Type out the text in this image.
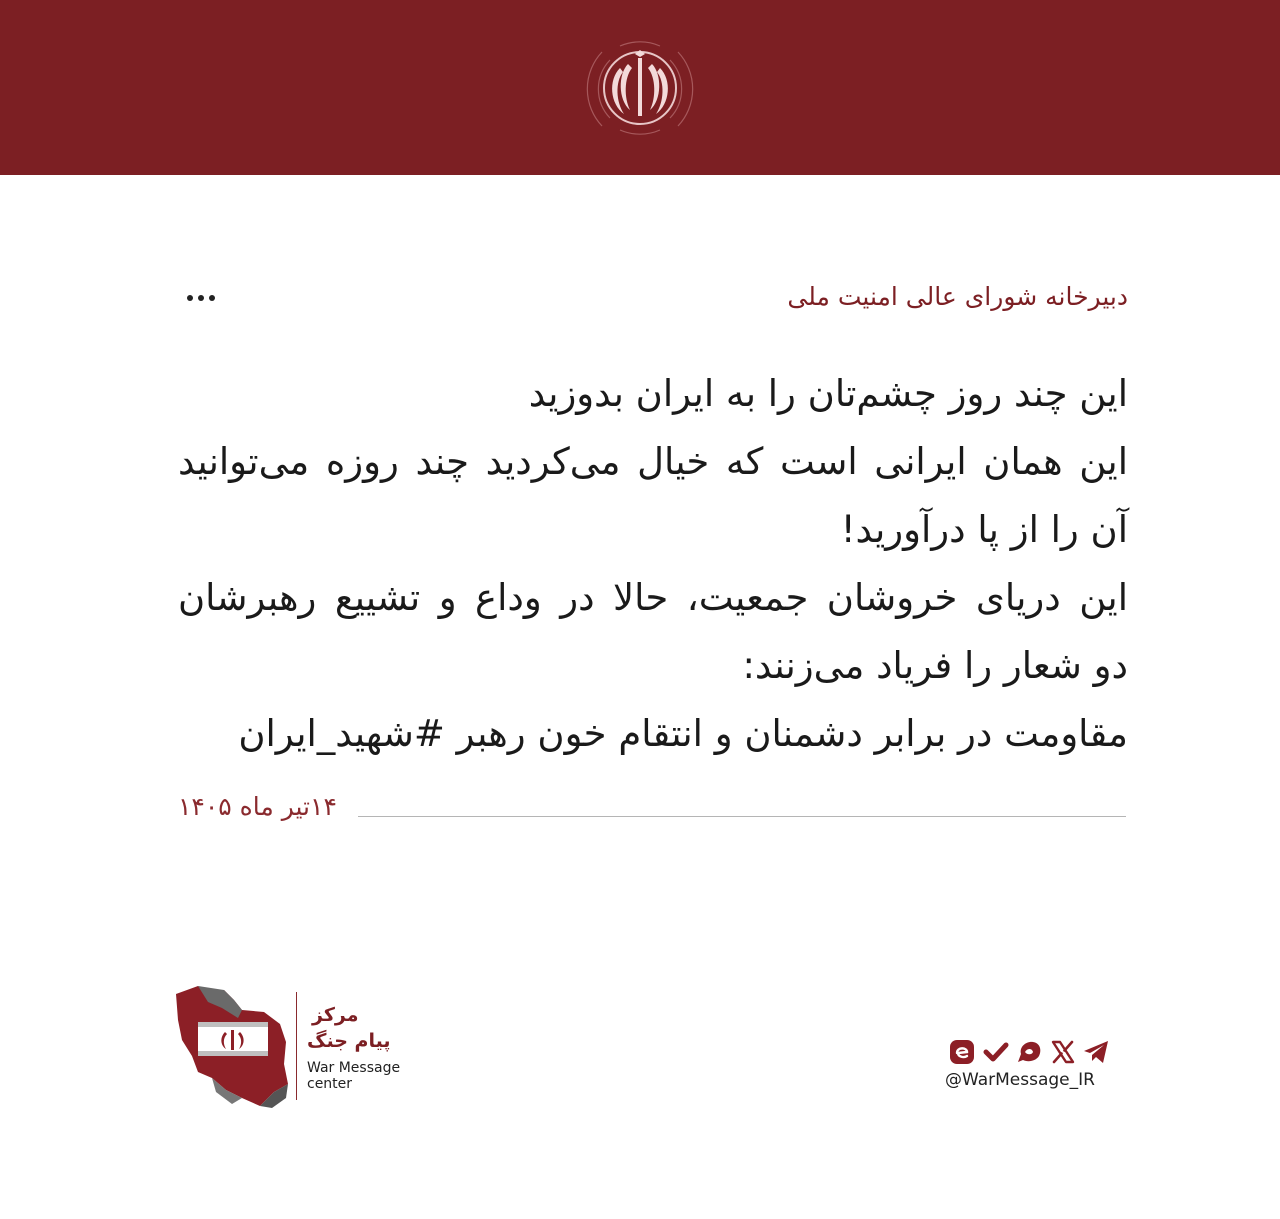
دبیرخانه شورای عالی امنیت ملی
این چند روز چشم‌تان را به ایران بدوزید
این همان ایرانی است که خیال می‌کردید چند روزه می‌توانید
آن را از پا درآورید!
این دریای خروشان جمعیت، حالا در وداع و تشییع رهبرشان
دو شعار را فریاد می‌زنند:
مقاومت در برابر دشمنان و انتقام خون رهبر #شهید_ایران
۱۴تیر ماه ۱۴۰۵
مرکز
پیام جنگ
War Message
center	@WarMessage_IR
